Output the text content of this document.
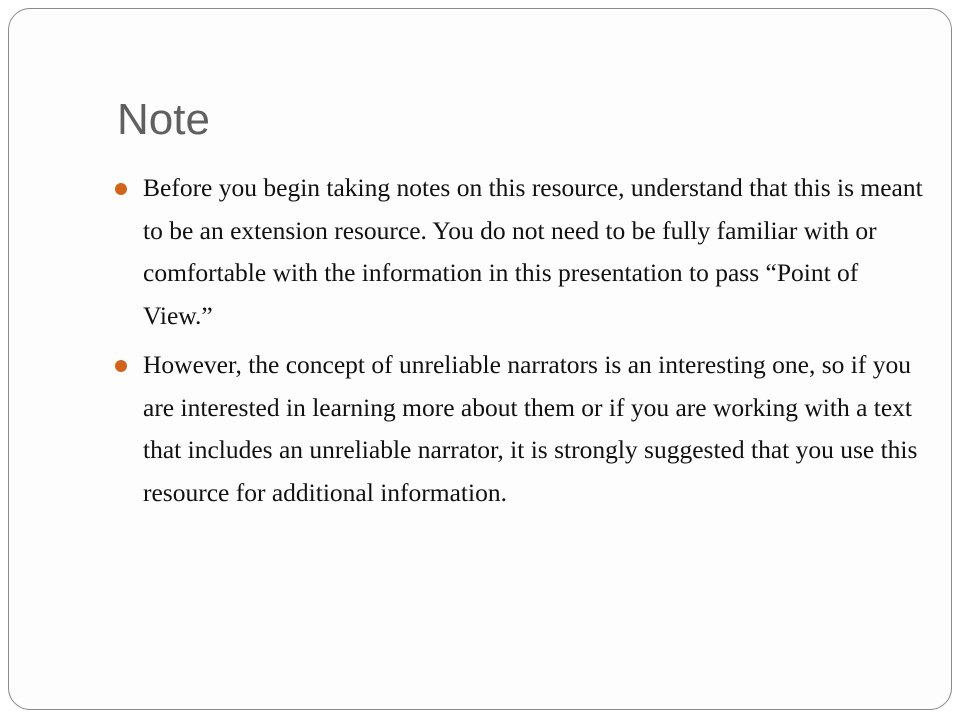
Note
Before you begin taking notes on this resource, understand that this is meant to be an extension resource. You do not need to be fully familiar with or comfortable with the information in this presentation to pass “Point of View.”
However, the concept of unreliable narrators is an interesting one, so if you are interested in learning more about them or if you are working with a text that includes an unreliable narrator, it is strongly suggested that you use this resource for additional information.
